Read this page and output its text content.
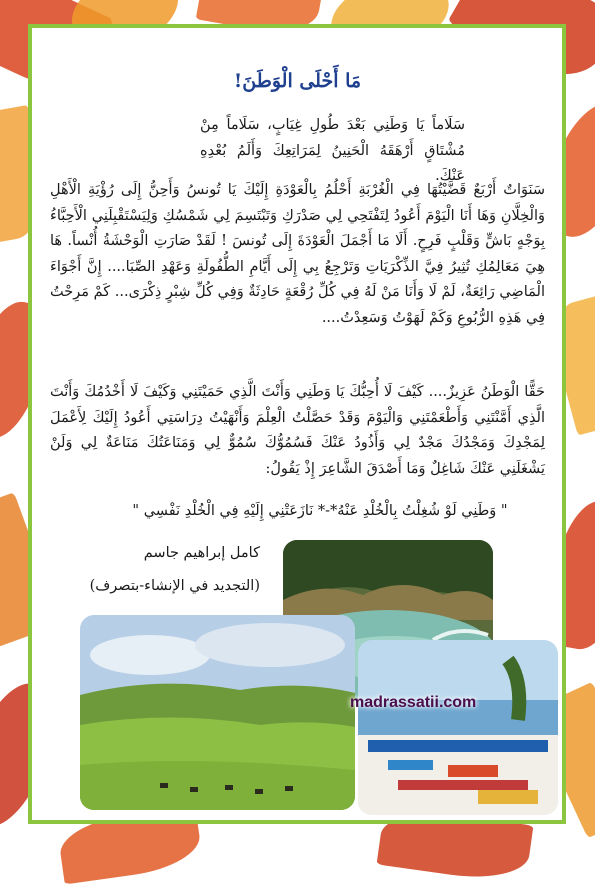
مَا أَحْلَى الْوَطَنَ!
سَلَاماً يَا وَطَنِي بَعْدَ طُولِ غِيَابٍ، سَلَاماً مِنْ مُشْتَاقٍ أَرْهَقَهُ الْحَنِينُ لِمَرَاتِعِكَ وَأَلَمُ بُعْدِهِ عَنْكَ.
سَنَوَاتٌ أَرْبَعٌ قَضَّيْتُهَا فِي الْغُرْبَةِ أَحْلُمُ بِالْعَوْدَةِ إِلَيْكَ يَا تُونسُ وَأَحِنُّ إِلَى رُؤْيَةِ الْأَهْلِ وَالْخِلَّانِ وَهَا أَنَا الْيَوْمَ أَعُودُ لِتَفْتَحِي لِي صَدْرَكِ وَتَبْتَسِمَ لِي شَمْسُكِ وَلِيَسْتَقْبِلَنِي الْأَحِبَّاءُ بِوَجْهٍ بَاشٍّ وَقَلْبٍ فَرِحٍ. أَلَا مَا أَجْمَلَ الْعَوْدَةَ إِلَى تُونسَ ! لَقَدْ صَارَتِ الْوَحْشَةُ أُنْساً. هَا هِيَ مَعَالِمُكِ تُثِيرُ فِيَّ الذِّكْرَيَاتِ وَتَرْجِعُ بِي إِلَى أَيَّامِ الطُّفُولَةِ وَعَهْدِ الصِّبَا.... إِنَّ أَجْوَاءَ الْمَاضِي رَائِعَةٌ، لَمْ لَا وَأَنَا مَنْ لَهُ فِي كُلِّ رُقْعَةٍ حَادِثَةٌ وَفِي كُلِّ شِبْرٍ ذِكْرَى... كَمْ مَرِحْتُ فِي هَذِهِ الرُّبُوعِ وَكَمْ لَهَوْتُ وَسَعِدْتُ....
حَقًّا الْوَطَنُ عَزِيزٌ.... كَيْفَ لَا أُحِبُّكَ يَا وَطَنِي وَأَنْتَ الَّذِي حَمَيْتَنِي وَكَيْفَ لَا أَخْدُمُكَ وَأَنْتَ الَّذِي أَمَّنْتَنِي وَأَطْعَمْتَنِي وَالْيَوْمَ وَقَدْ حَصَّلْتُ الْعِلْمَ وَأَنْهَيْتُ دِرَاسَتِي أَعُودُ إِلَيْكَ لِأَعْمَلَ لِمَجْدِكَ وَمَجْدُكَ مَجْدٌ لِي وَأَذُودُ عَنْكَ فَسُمُوُّكَ سُمُوٌّ لِي وَمَنَاعَتُكَ مَنَاعَةٌ لِي وَلَنْ يَشْغَلَنِي عَنْكَ شَاغِلٌ وَمَا أَصْدَقَ الشَّاعِرَ إِذْ يَقُولُ:
" وَطَنِي لَوْ شُغِلْتُ بِالْخُلْدِ عَنْهُ*-* نَازَعَتْنِي إِلَيْهِ فِي الْخُلْدِ نَفْسِي "
كامل إبراهيم جاسم
(التجديد في الإنشاء-بتصرف)
madrassatii.com
